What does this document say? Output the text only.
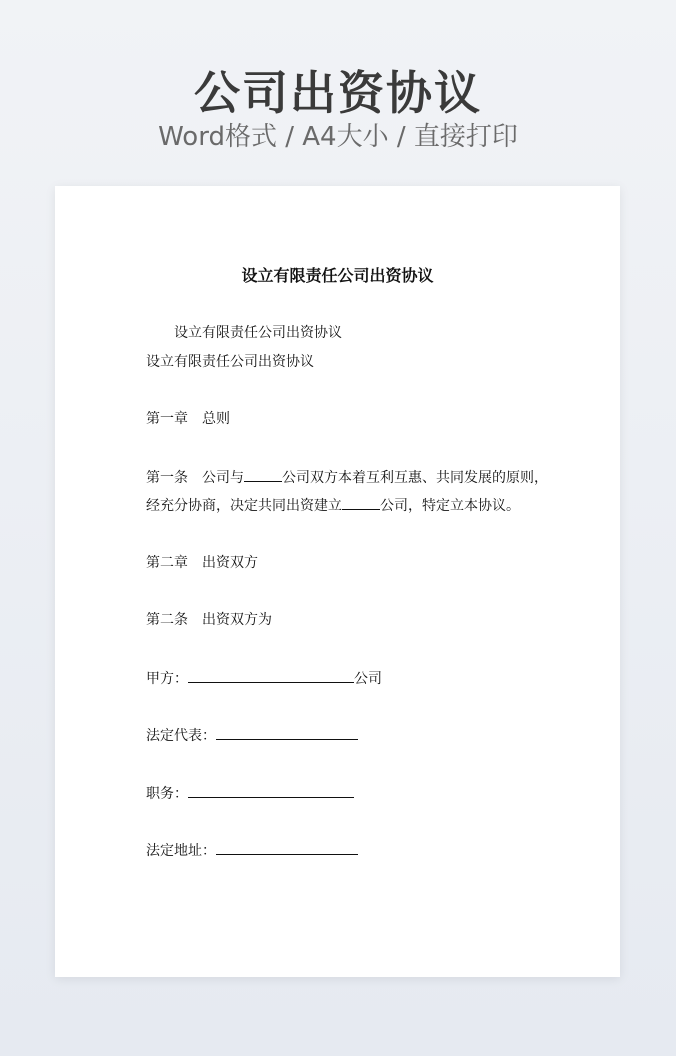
公司出资协议
Word格式 / A4大小 / 直接打印
设立有限责任公司出资协议
设立有限责任公司出资协议
设立有限责任公司出资协议
第一章 总则
第一条 公司与	公司双方本着互利互惠、共同发展的原则，
经充分协商，决定共同出资建立	公司，特定立本协议。
第二章 出资双方
第二条 出资双方为
甲方：	公司
法定代表：
职务：
法定地址：
